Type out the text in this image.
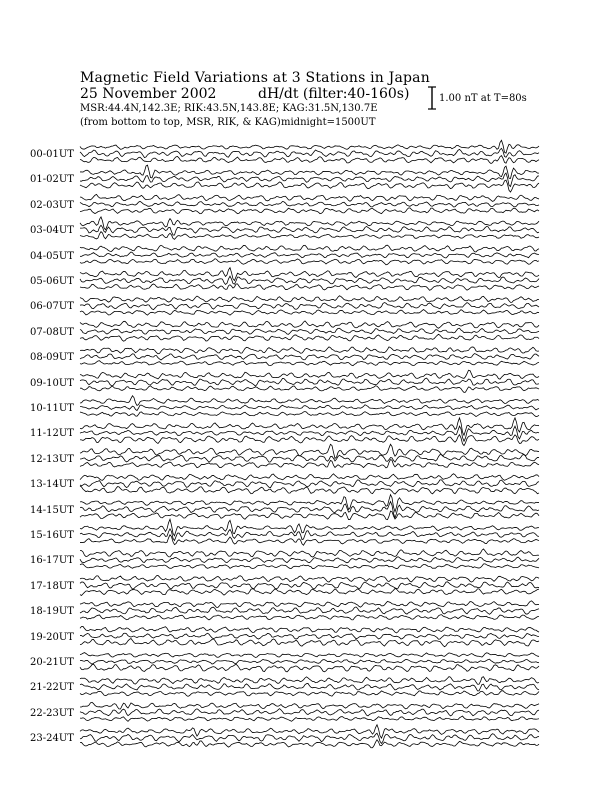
Magnetic Field Variations at 3 Stations in Japan
25 November 2002	dH/dt (filter:40-160s)
MSR:44.4N,142.3E; RIK:43.5N,143.8E; KAG:31.5N,130.7E
(from bottom to top, MSR, RIK, & KAG) midnight=1500UT
1.00 nT at T=80s
00-01UT
01-02UT
02-03UT
03-04UT
04-05UT
05-06UT
06-07UT
07-08UT
08-09UT
09-10UT
10-11UT
11-12UT
12-13UT
13-14UT
14-15UT
15-16UT
16-17UT
17-18UT
18-19UT
19-20UT
20-21UT
21-22UT
22-23UT
23-24UT
